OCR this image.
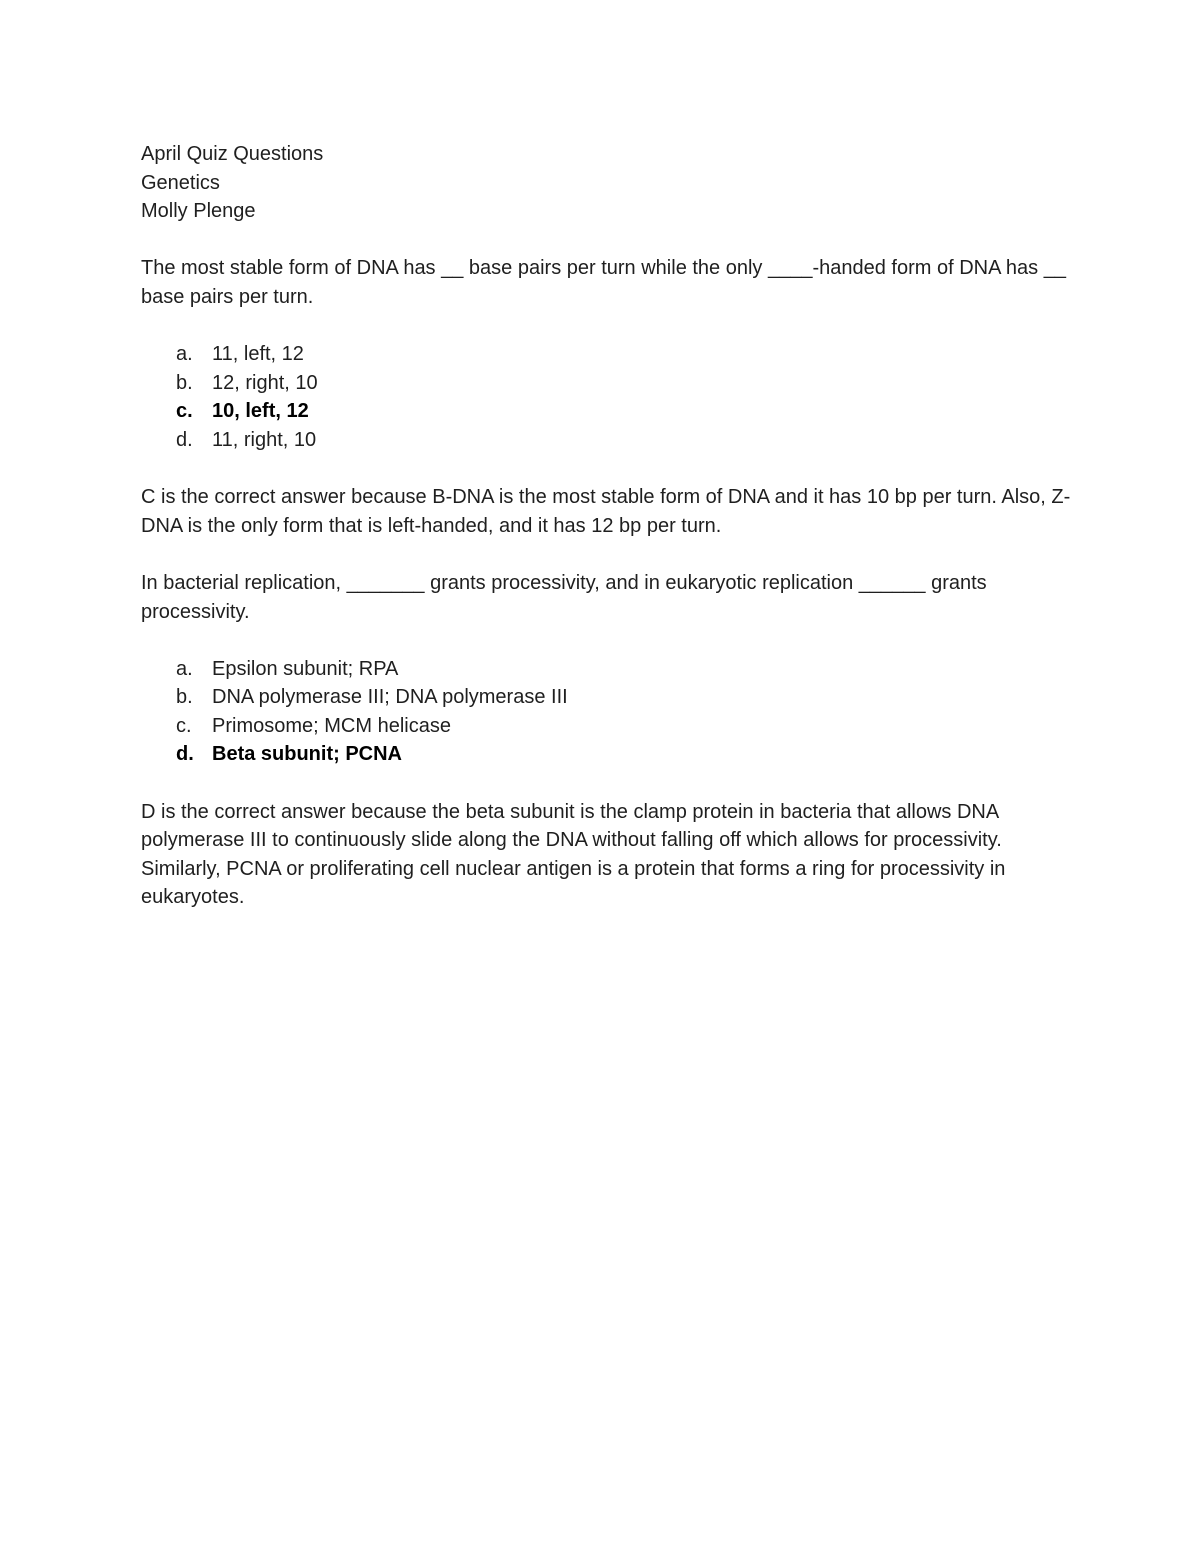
April Quiz Questions

Genetics

Molly Plenge

The most stable form of DNA has __ base pairs per turn while the only ____-handed form of DNA has __ base pairs per turn.

a. 11, left, 12
b. 12, right, 10
c. 10, left, 12
d. 11, right, 10

C is the correct answer because B-DNA is the most stable form of DNA and it has 10 bp per turn. Also, Z-DNA is the only form that is left-handed, and it has 12 bp per turn.

In bacterial replication, _______ grants processivity, and in eukaryotic replication ______ grants processivity.

a. Epsilon subunit; RPA
b. DNA polymerase III; DNA polymerase III
c. Primosome; MCM helicase
d. Beta subunit; PCNA

D is the correct answer because the beta subunit is the clamp protein in bacteria that allows DNA polymerase III to continuously slide along the DNA without falling off which allows for processivity. Similarly, PCNA or proliferating cell nuclear antigen is a protein that forms a ring for processivity in eukaryotes.
